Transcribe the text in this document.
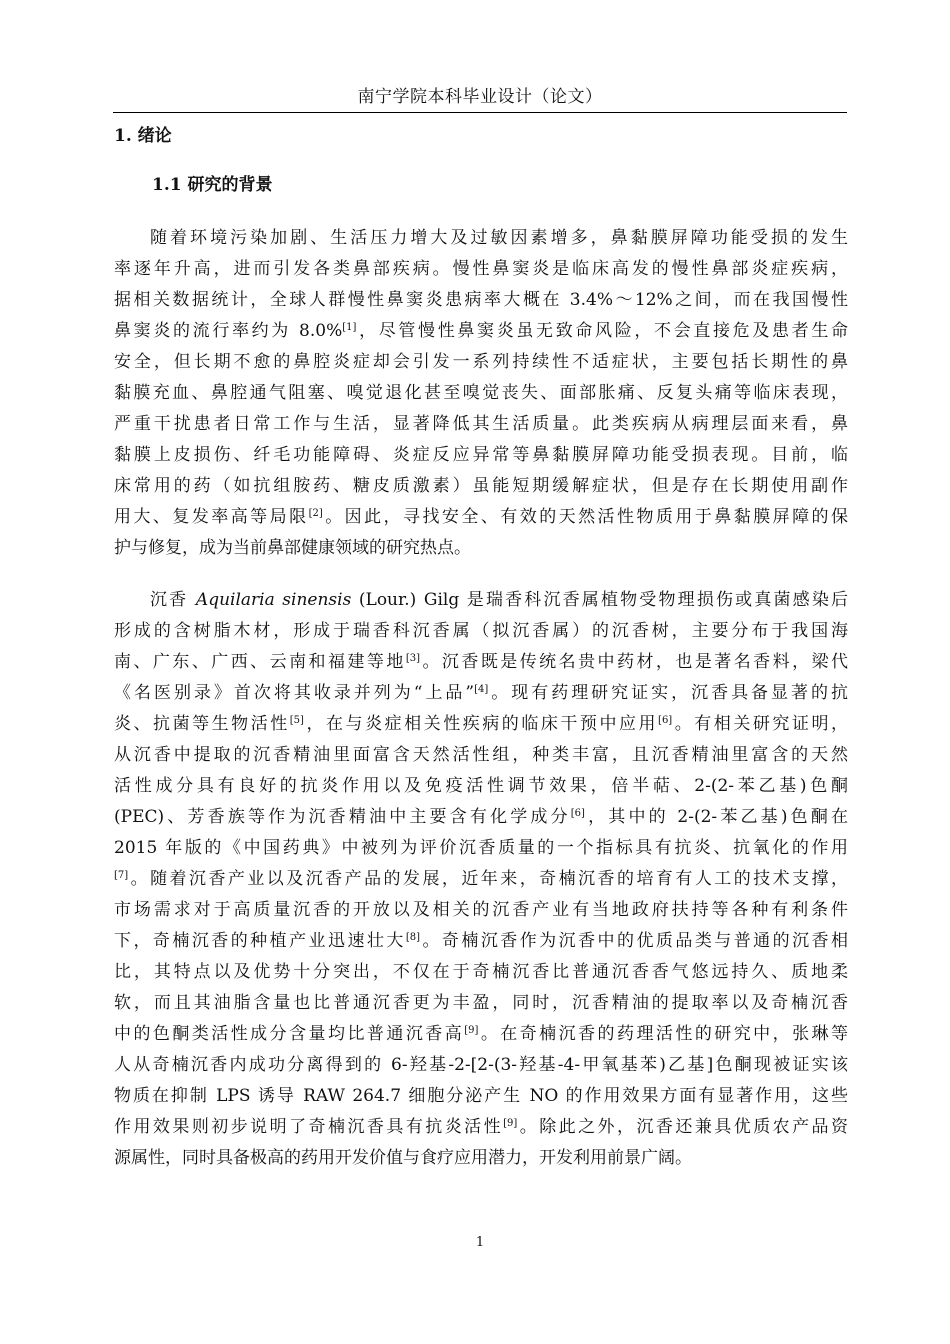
南宁学院本科毕业设计（论文）
1. 绪论
1.1 研究的背景
随着环境污染加剧、生活压力增大及过敏因素增多，鼻黏膜屏障功能受损的发生
率逐年升高，进而引发各类鼻部疾病。慢性鼻窦炎是临床高发的慢性鼻部炎症疾病，
据相关数据统计，全球人群慢性鼻窦炎患病率大概在 3.4%～12%之间，而在我国慢性
鼻窦炎的流行率约为 8.0%[1]，尽管慢性鼻窦炎虽无致命风险，不会直接危及患者生命
安全，但长期不愈的鼻腔炎症却会引发一系列持续性不适症状，主要包括长期性的鼻
黏膜充血、鼻腔通气阻塞、嗅觉退化甚至嗅觉丧失、面部胀痛、反复头痛等临床表现，
严重干扰患者日常工作与生活，显著降低其生活质量。此类疾病从病理层面来看，鼻
黏膜上皮损伤、纤毛功能障碍、炎症反应异常等鼻黏膜屏障功能受损表现。目前，临
床常用的药（如抗组胺药、糖皮质激素）虽能短期缓解症状，但是存在长期使用副作
用大、复发率高等局限[2]。因此，寻找安全、有效的天然活性物质用于鼻黏膜屏障的保
护与修复，成为当前鼻部健康领域的研究热点。
沉香 Aquilaria sinensis (Lour.) Gilg 是瑞香科沉香属植物受物理损伤或真菌感染后
形成的含树脂木材，形成于瑞香科沉香属（拟沉香属）的沉香树，主要分布于我国海
南、广东、广西、云南和福建等地[3]。沉香既是传统名贵中药材，也是著名香料，梁代
《名医别录》首次将其收录并列为“上品”[4]。现有药理研究证实，沉香具备显著的抗
炎、抗菌等生物活性[5]，在与炎症相关性疾病的临床干预中应用[6]。有相关研究证明，
从沉香中提取的沉香精油里面富含天然活性组，种类丰富，且沉香精油里富含的天然
活性成分具有良好的抗炎作用以及免疫活性调节效果，倍半萜、2-(2-苯乙基)色酮
(PEC)、芳香族等作为沉香精油中主要含有化学成分[6]，其中的 2-(2-苯乙基)色酮在
2015 年版的《中国药典》中被列为评价沉香质量的一个指标具有抗炎、抗氧化的作用
[7]。随着沉香产业以及沉香产品的发展，近年来，奇楠沉香的培育有人工的技术支撑，
市场需求对于高质量沉香的开放以及相关的沉香产业有当地政府扶持等各种有利条件
下，奇楠沉香的种植产业迅速壮大[8]。奇楠沉香作为沉香中的优质品类与普通的沉香相
比，其特点以及优势十分突出，不仅在于奇楠沉香比普通沉香香气悠远持久、质地柔
软，而且其油脂含量也比普通沉香更为丰盈，同时，沉香精油的提取率以及奇楠沉香
中的色酮类活性成分含量均比普通沉香高[9]。在奇楠沉香的药理活性的研究中，张琳等
人从奇楠沉香内成功分离得到的 6-羟基-2-[2-(3-羟基-4-甲氧基苯)乙基]色酮现被证实该
物质在抑制 LPS 诱导 RAW 264.7 细胞分泌产生 NO 的作用效果方面有显著作用，这些
作用效果则初步说明了奇楠沉香具有抗炎活性[9]。除此之外，沉香还兼具优质农产品资
源属性，同时具备极高的药用开发价值与食疗应用潜力，开发利用前景广阔。
1
